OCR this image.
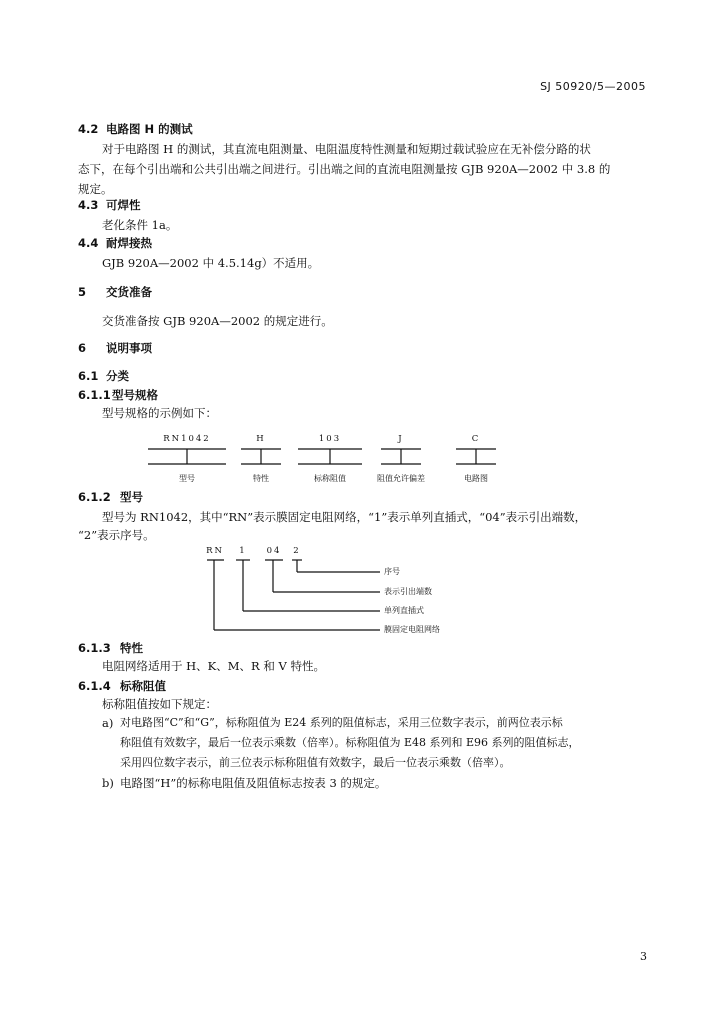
SJ 50920/5—2005
4.2 电路图 H 的测试
对于电路图 H 的测试，其直流电阻测量、电阻温度特性测量和短期过载试验应在无补偿分路的状
态下，在每个引出端和公共引出端之间进行。引出端之间的直流电阻测量按 GJB 920A—2002 中 3.8 的
规定。
4.3 可焊性
老化条件 1a。
4.4 耐焊接热
GJB 920A—2002 中 4.5.14g）不适用。
5 交货准备
交货准备按 GJB 920A—2002 的规定进行。
6 说明事项
6.1 分类
6.1.1型号规格
型号规格的示例如下：
RN1042	H	103	J	C
型号	特性	标称阻值	阻值允许偏差	电路图
6.1.2 型号
型号为 RN1042，其中“RN”表示膜固定电阻网络，“1”表示单列直插式，“04”表示引出端数，
“2”表示序号。
RN	1	04	2
序号
表示引出端数
单列直插式
膜固定电阻网络
6.1.3 特性
电阻网络适用于 H、K、M、R 和 V 特性。
6.1.4 标称阻值
标称阻值按如下规定：
a) 对电路图“C”和“G”，标称阻值为 E24 系列的阻值标志，采用三位数字表示，前两位表示标
称阻值有效数字，最后一位表示乘数（倍率）。标称阻值为 E48 系列和 E96 系列的阻值标志，
采用四位数字表示，前三位表示标称阻值有效数字，最后一位表示乘数（倍率）。
b) 电路图“H”的标称电阻值及阻值标志按表 3 的规定。
3
